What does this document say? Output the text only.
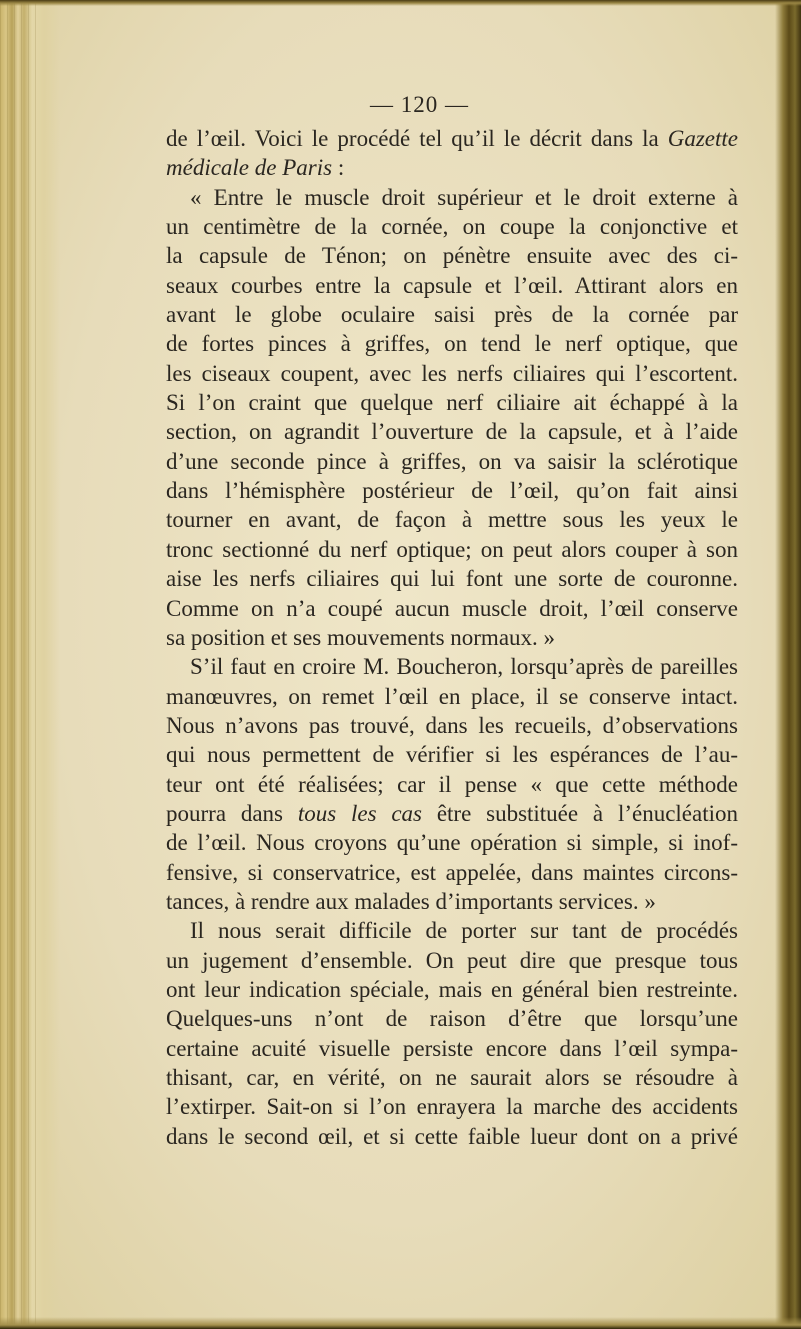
— 120 —
de l’œil. Voici le procédé tel qu’il le décrit dans la Gazette
médicale de Paris :
« Entre le muscle droit supérieur et le droit externe à
un centimètre de la cornée, on coupe la conjonctive et
la capsule de Ténon; on pénètre ensuite avec des ci-
seaux courbes entre la capsule et l’œil. Attirant alors en
avant le globe oculaire saisi près de la cornée par
de fortes pinces à griffes, on tend le nerf optique, que
les ciseaux coupent, avec les nerfs ciliaires qui l’escortent.
Si l’on craint que quelque nerf ciliaire ait échappé à la
section, on agrandit l’ouverture de la capsule, et à l’aide
d’une seconde pince à griffes, on va saisir la sclérotique
dans l’hémisphère postérieur de l’œil, qu’on fait ainsi
tourner en avant, de façon à mettre sous les yeux le
tronc sectionné du nerf optique; on peut alors couper à son
aise les nerfs ciliaires qui lui font une sorte de couronne.
Comme on n’a coupé aucun muscle droit, l’œil conserve
sa position et ses mouvements normaux. »
S’il faut en croire M. Boucheron, lorsqu’après de pareilles
manœuvres, on remet l’œil en place, il se conserve intact.
Nous n’avons pas trouvé, dans les recueils, d’observations
qui nous permettent de vérifier si les espérances de l’au-
teur ont été réalisées; car il pense « que cette méthode
pourra dans tous les cas être substituée à l’énucléation
de l’œil. Nous croyons qu’une opération si simple, si inof-
fensive, si conservatrice, est appelée, dans maintes circons-
tances, à rendre aux malades d’importants services. »
Il nous serait difficile de porter sur tant de procédés
un jugement d’ensemble. On peut dire que presque tous
ont leur indication spéciale, mais en général bien restreinte.
Quelques-uns n’ont de raison d’être que lorsqu’une
certaine acuité visuelle persiste encore dans l’œil sympa-
thisant, car, en vérité, on ne saurait alors se résoudre à
l’extirper. Sait-on si l’on enrayera la marche des accidents
dans le second œil, et si cette faible lueur dont on a privé
